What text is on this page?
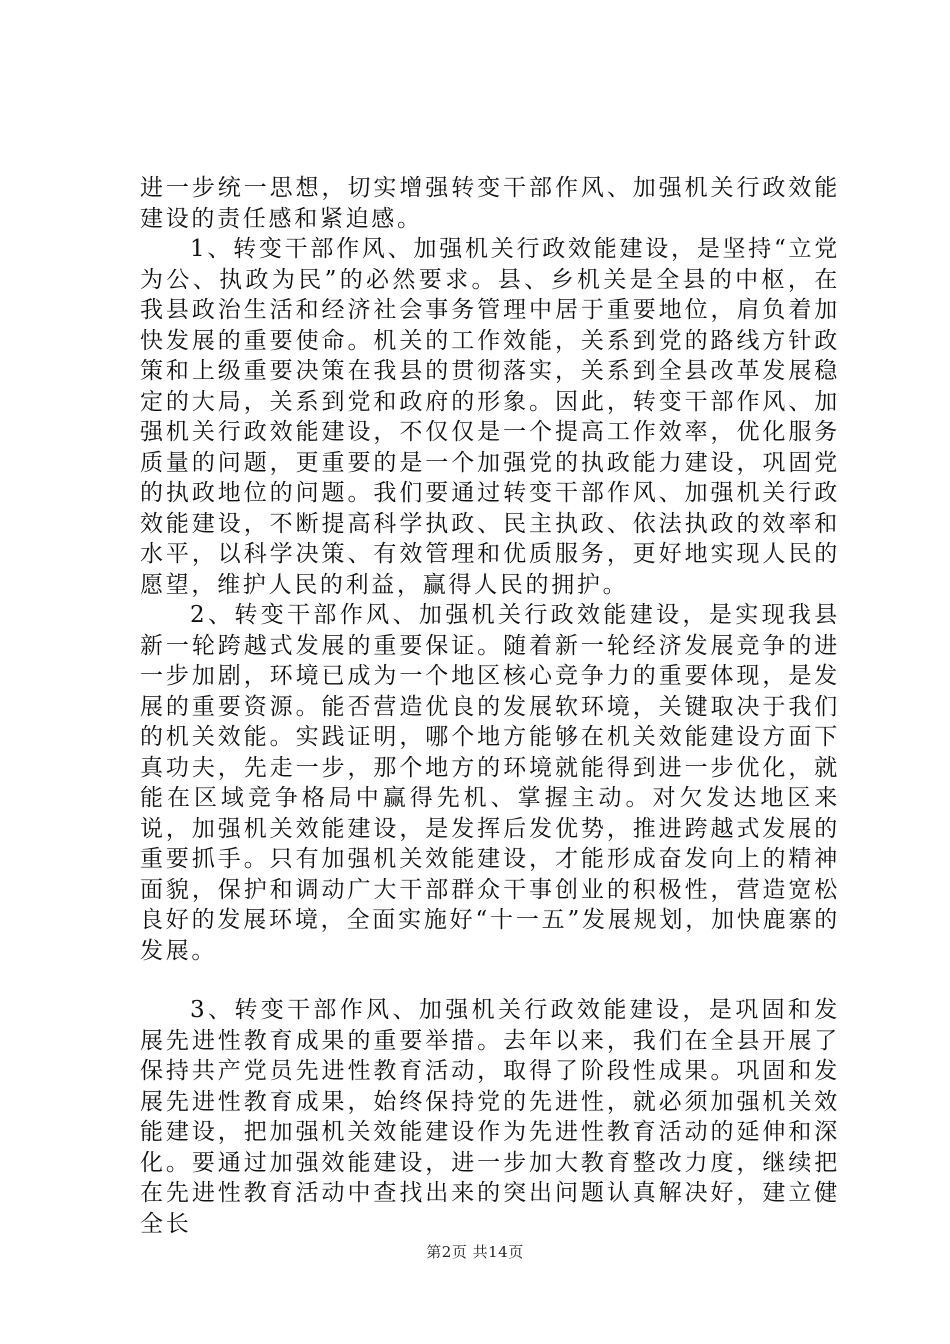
进一步统一思想，切实增强转变干部作风、加强机关行政效能建设的责任感和紧迫感。

1、转变干部作风、加强机关行政效能建设，是坚持“立党为公、执政为民”的必然要求。县、乡机关是全县的中枢，在我县政治生活和经济社会事务管理中居于重要地位，肩负着加快发展的重要使命。机关的工作效能，关系到党的路线方针政策和上级重要决策在我县的贯彻落实，关系到全县改革发展稳定的大局，关系到党和政府的形象。因此，转变干部作风、加强机关行政效能建设，不仅仅是一个提高工作效率，优化服务质量的问题，更重要的是一个加强党的执政能力建设，巩固党的执政地位的问题。我们要通过转变干部作风、加强机关行政效能建设，不断提高科学执政、民主执政、依法执政的效率和水平，以科学决策、有效管理和优质服务，更好地实现人民的愿望，维护人民的利益，赢得人民的拥护。

2、转变干部作风、加强机关行政效能建设，是实现我县新一轮跨越式发展的重要保证。随着新一轮经济发展竞争的进一步加剧，环境已成为一个地区核心竞争力的重要体现，是发展的重要资源。能否营造优良的发展软环境，关键取决于我们的机关效能。实践证明，哪个地方能够在机关效能建设方面下真功夫，先走一步，那个地方的环境就能得到进一步优化，就能在区域竞争格局中赢得先机、掌握主动。对欠发达地区来说，加强机关效能建设，是发挥后发优势，推进跨越式发展的重要抓手。只有加强机关效能建设，才能形成奋发向上的精神面貌，保护和调动广大干部群众干事创业的积极性，营造宽松良好的发展环境，全面实施好“十一五”发展规划，加快鹿寨的发展。

3、转变干部作风、加强机关行政效能建设，是巩固和发展先进性教育成果的重要举措。去年以来，我们在全县开展了保持共产党员先进性教育活动，取得了阶段性成果。巩固和发展先进性教育成果，始终保持党的先进性，就必须加强机关效能建设，把加强机关效能建设作为先进性教育活动的延伸和深化。要通过加强效能建设，进一步加大教育整改力度，继续把在先进性教育活动中查找出来的突出问题认真解决好，建立健全长

第2页 共14页
